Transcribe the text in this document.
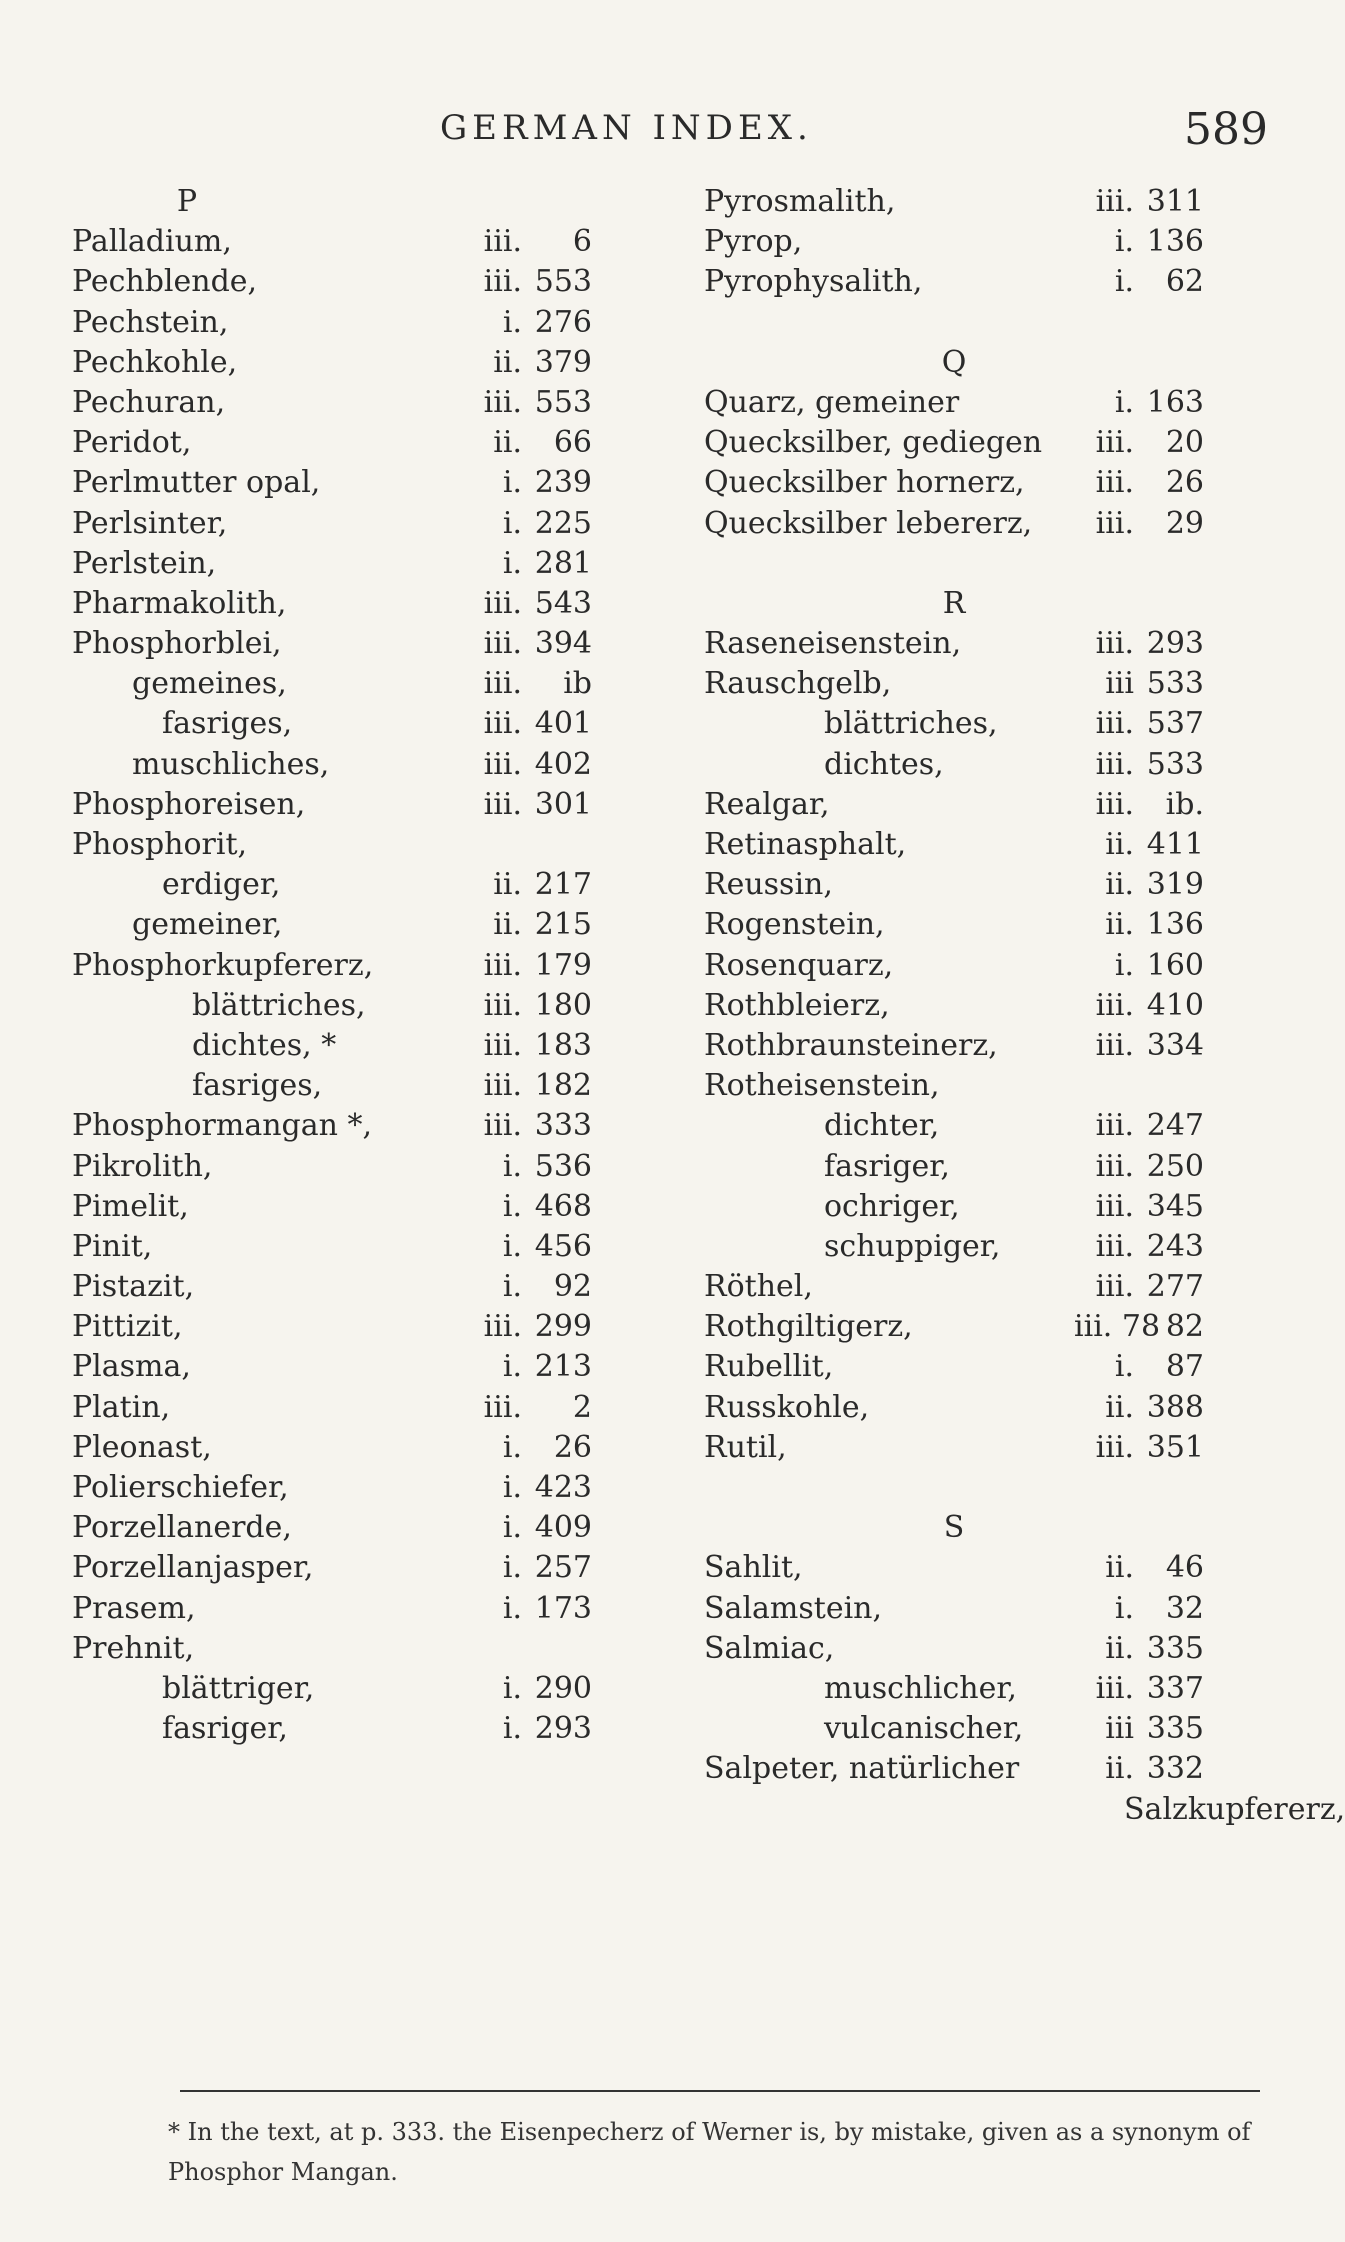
GERMAN INDEX.	589
P
Palladium,	iii.	6
Pechblende,	iii. 553
Pechstein,	i. 276
Pechkohle,	ii. 379
Pechuran,	iii. 553
Peridot,	ii.	66
Perlmutter opal,	i. 239
Perlsinter,	i. 225
Perlstein,	i. 281
Pharmakolith,	iii. 543
Phosphorblei,	iii. 394
gemeines,	iii.	ib
fasriges,	iii. 401
muschliches,	iii. 402
Phosphoreisen,	iii. 301
Phosphorit,
erdiger,	ii. 217
gemeiner,	ii. 215
Phosphorkupfererz,	iii. 179
blättriches,	iii. 180
dichtes, *	iii. 183
fasriges,	iii. 182
Phosphormangan *,	iii. 333
Pikrolith,	i. 536
Pimelit,	i. 468
Pinit,	i. 456
Pistazit,	i.	92
Pittizit,	iii. 299
Plasma,	i. 213
Platin,	iii.	2
Pleonast,	i.	26
Polierschiefer,	i. 423
Porzellanerde,	i. 409
Porzellanjasper,	i. 257
Prasem,	i. 173
Prehnit,
blättriger,	i. 290
fasriger,	i. 293
Pyrosmalith,	iii. 311
Pyrop,	i. 136
Pyrophysalith,	i.	62
Q
Quarz, gemeiner	i. 163
Quecksilber, gediegen	iii.	20
Quecksilber hornerz,	iii.	26
Quecksilber lebererz,	iii.	29
R
Raseneisenstein,	iii. 293
Rauschgelb,	iii 533
blättriches,	iii. 537
dichtes,	iii. 533
Realgar,	iii.	ib.
Retinasphalt,	ii. 411
Reussin,	ii. 319
Rogenstein,	ii. 136
Rosenquarz,	i. 160
Rothbleierz,	iii. 410
Rothbraunsteinerz,	iii. 334
Rotheisenstein,
dichter,	iii. 247
fasriger,	iii. 250
ochriger,	iii. 345
schuppiger,	iii. 243
Röthel,	iii. 277
Rothgiltigerz,	iii. 78 82
Rubellit,	i.	87
Russkohle,	ii. 388
Rutil,	iii. 351
S
Sahlit,	ii.	46
Salamstein,	i.	32
Salmiac,	ii. 335
muschlicher,	iii. 337
vulcanischer,	iii 335
Salpeter, natürlicher	ii. 332
Salzkupfererz,
* In the text, at p. 333. the Eisenpecherz of Werner is, by mistake, given as a synonym of Phosphor Mangan.
